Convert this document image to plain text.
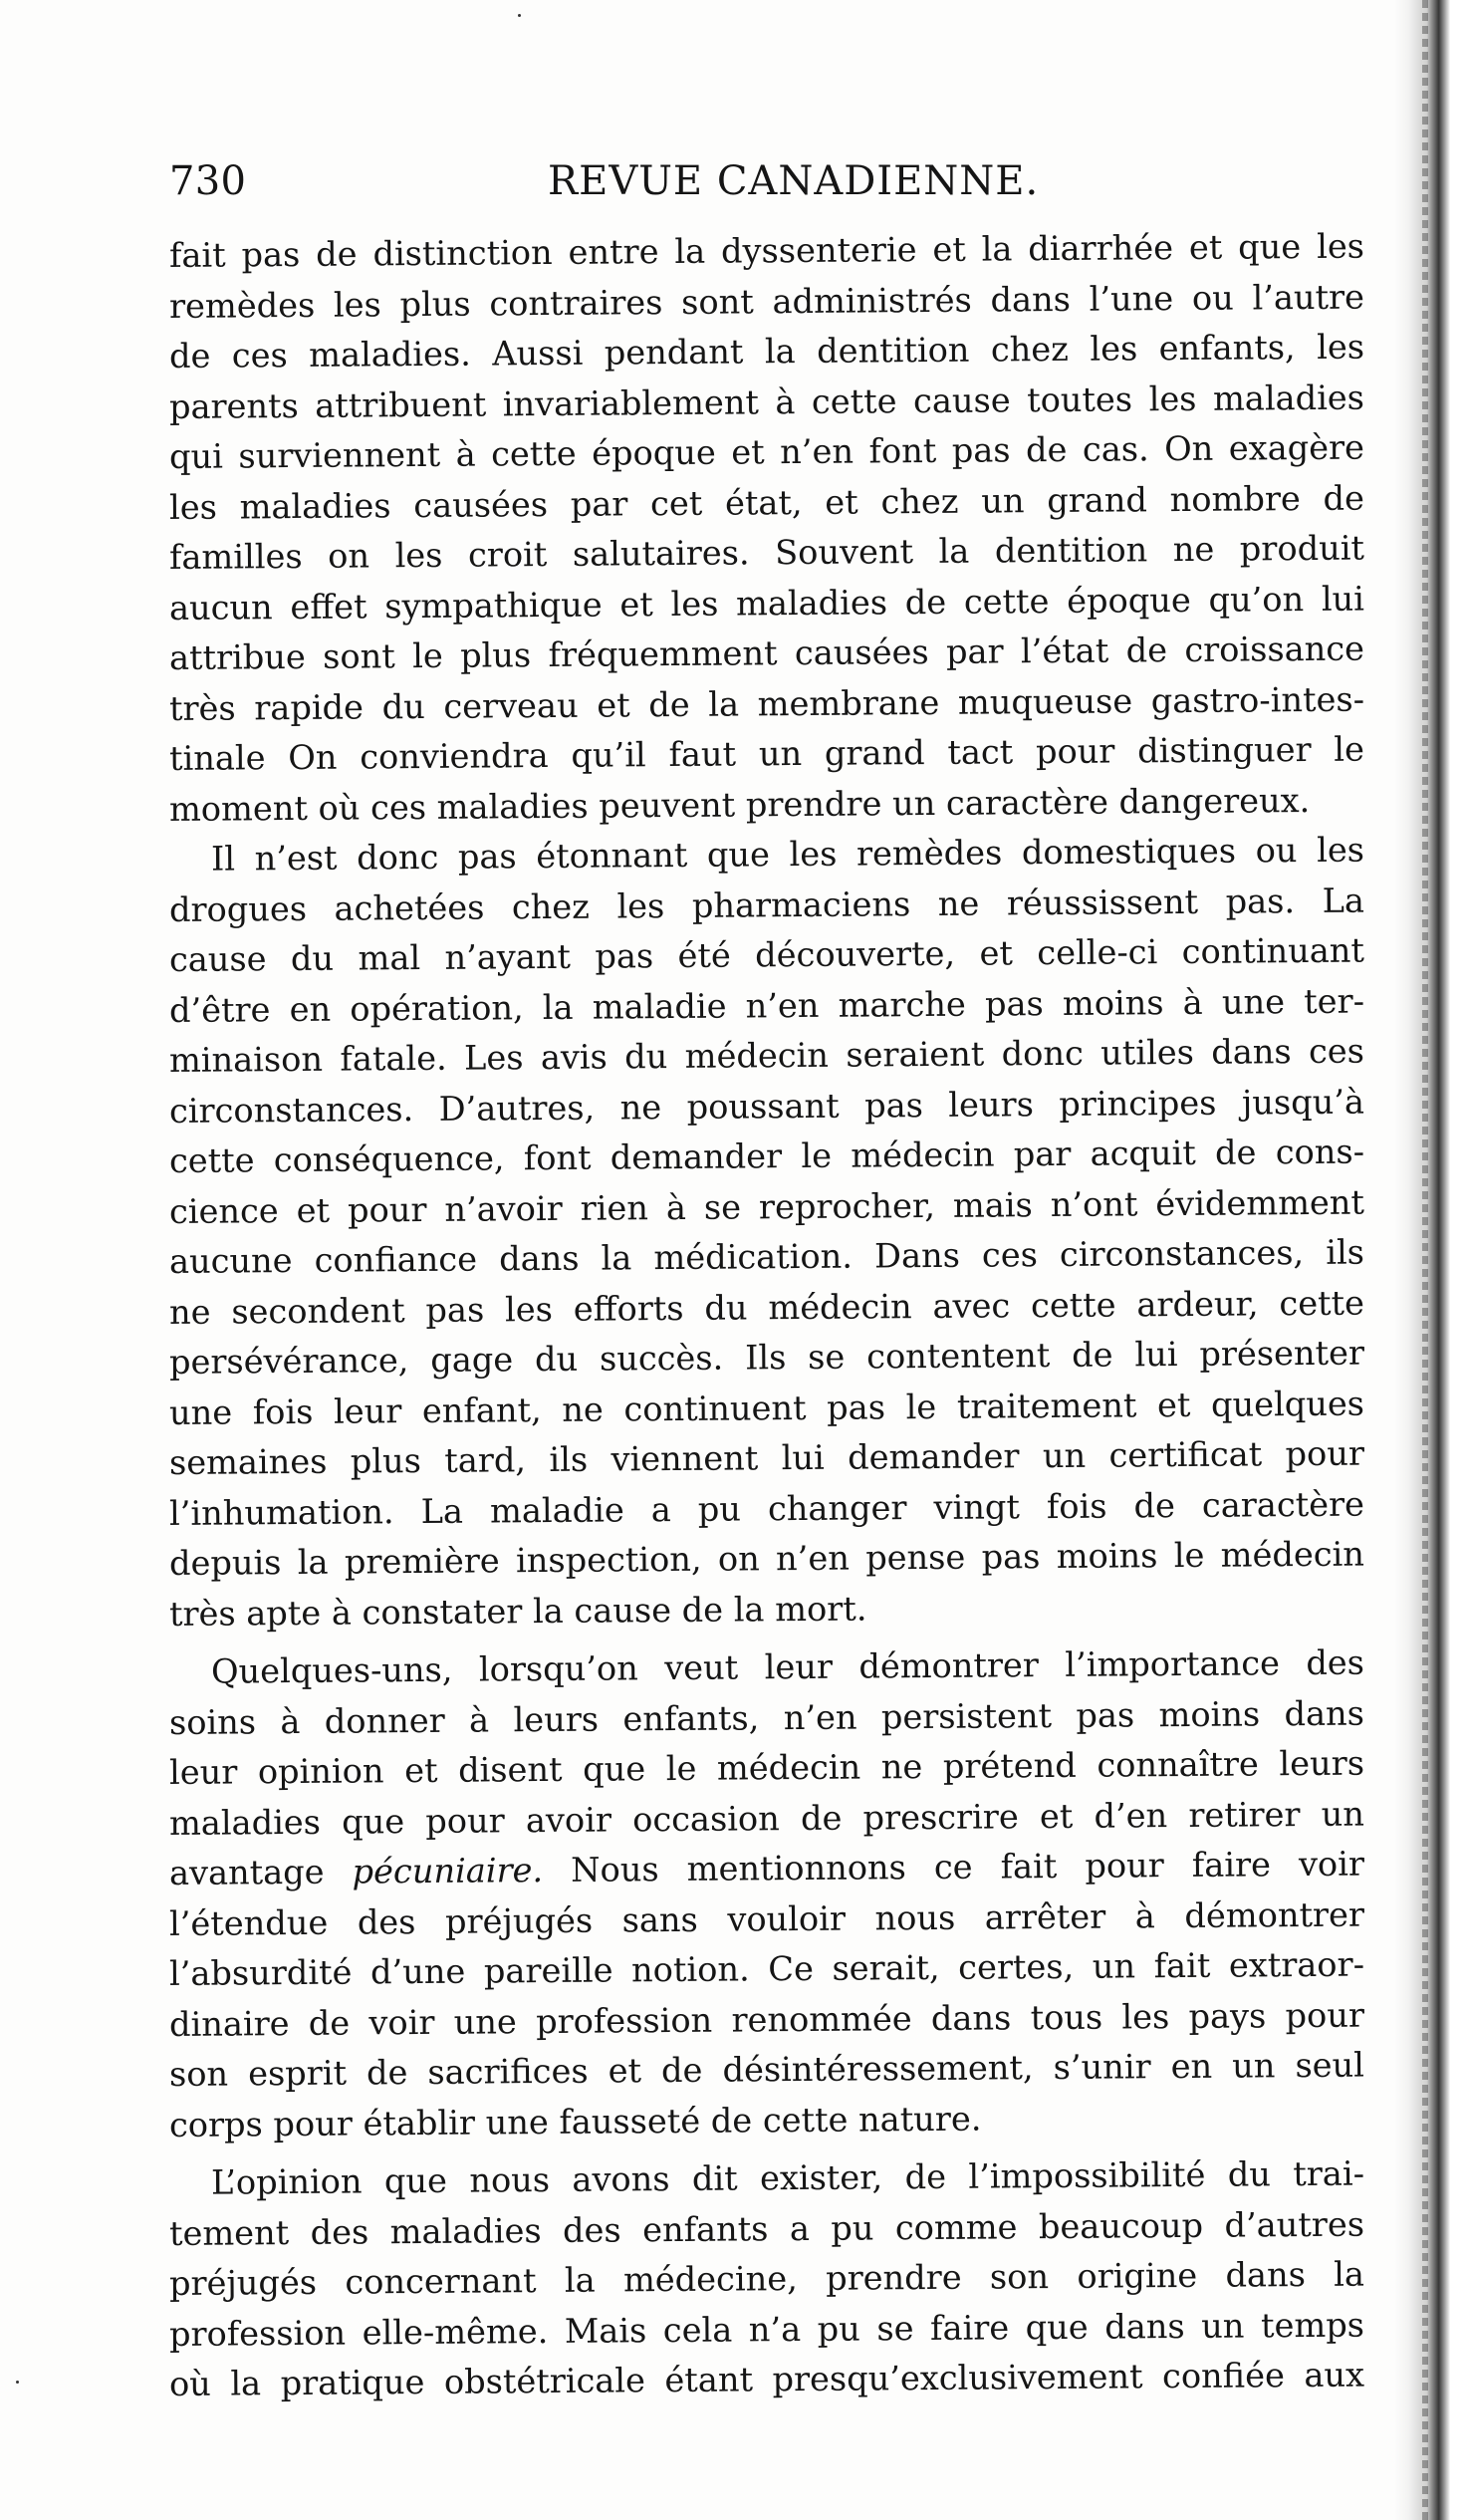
730	REVUE CANADIENNE.
fait pas de distinction entre la dyssenterie et la diarrhée et que les
remèdes les plus contraires sont administrés dans l’une ou l’autre
de ces maladies. Aussi pendant la dentition chez les enfants, les
parents attribuent invariablement à cette cause toutes les maladies
qui surviennent à cette époque et n’en font pas de cas. On exagère
les maladies causées par cet état, et chez un grand nombre de
familles on les croit salutaires. Souvent la dentition ne produit
aucun effet sympathique et les maladies de cette époque qu’on lui
attribue sont le plus fréquemment causées par l’état de croissance
très rapide du cerveau et de la membrane muqueuse gastro-intes-
tinale On conviendra qu’il faut un grand tact pour distinguer le
moment où ces maladies peuvent prendre un caractère dangereux.
Il n’est donc pas étonnant que les remèdes domestiques ou les
drogues achetées chez les pharmaciens ne réussissent pas. La
cause du mal n’ayant pas été découverte, et celle-ci continuant
d’être en opération, la maladie n’en marche pas moins à une ter-
minaison fatale. Les avis du médecin seraient donc utiles dans ces
circonstances. D’autres, ne poussant pas leurs principes jusqu’à
cette conséquence, font demander le médecin par acquit de cons-
cience et pour n’avoir rien à se reprocher, mais n’ont évidemment
aucune confiance dans la médication. Dans ces circonstances, ils
ne secondent pas les efforts du médecin avec cette ardeur, cette
persévérance, gage du succès. Ils se contentent de lui présenter
une fois leur enfant, ne continuent pas le traitement et quelques
semaines plus tard, ils viennent lui demander un certificat pour
l’inhumation. La maladie a pu changer vingt fois de caractère
depuis la première inspection, on n’en pense pas moins le médecin
très apte à constater la cause de la mort.
Quelques-uns, lorsqu’on veut leur démontrer l’importance des
soins à donner à leurs enfants, n’en persistent pas moins dans
leur opinion et disent que le médecin ne prétend connaître leurs
maladies que pour avoir occasion de prescrire et d’en retirer un
avantage pécuniaire. Nous mentionnons ce fait pour faire voir
l’étendue des préjugés sans vouloir nous arrêter à démontrer
l’absurdité d’une pareille notion. Ce serait, certes, un fait extraor-
dinaire de voir une profession renommée dans tous les pays pour
son esprit de sacrifices et de désintéressement, s’unir en un seul
corps pour établir une fausseté de cette nature.
L’opinion que nous avons dit exister, de l’impossibilité du trai-
tement des maladies des enfants a pu comme beaucoup d’autres
préjugés concernant la médecine, prendre son origine dans la
profession elle-même. Mais cela n’a pu se faire que dans un temps
où la pratique obstétricale étant presqu’exclusivement confiée aux
